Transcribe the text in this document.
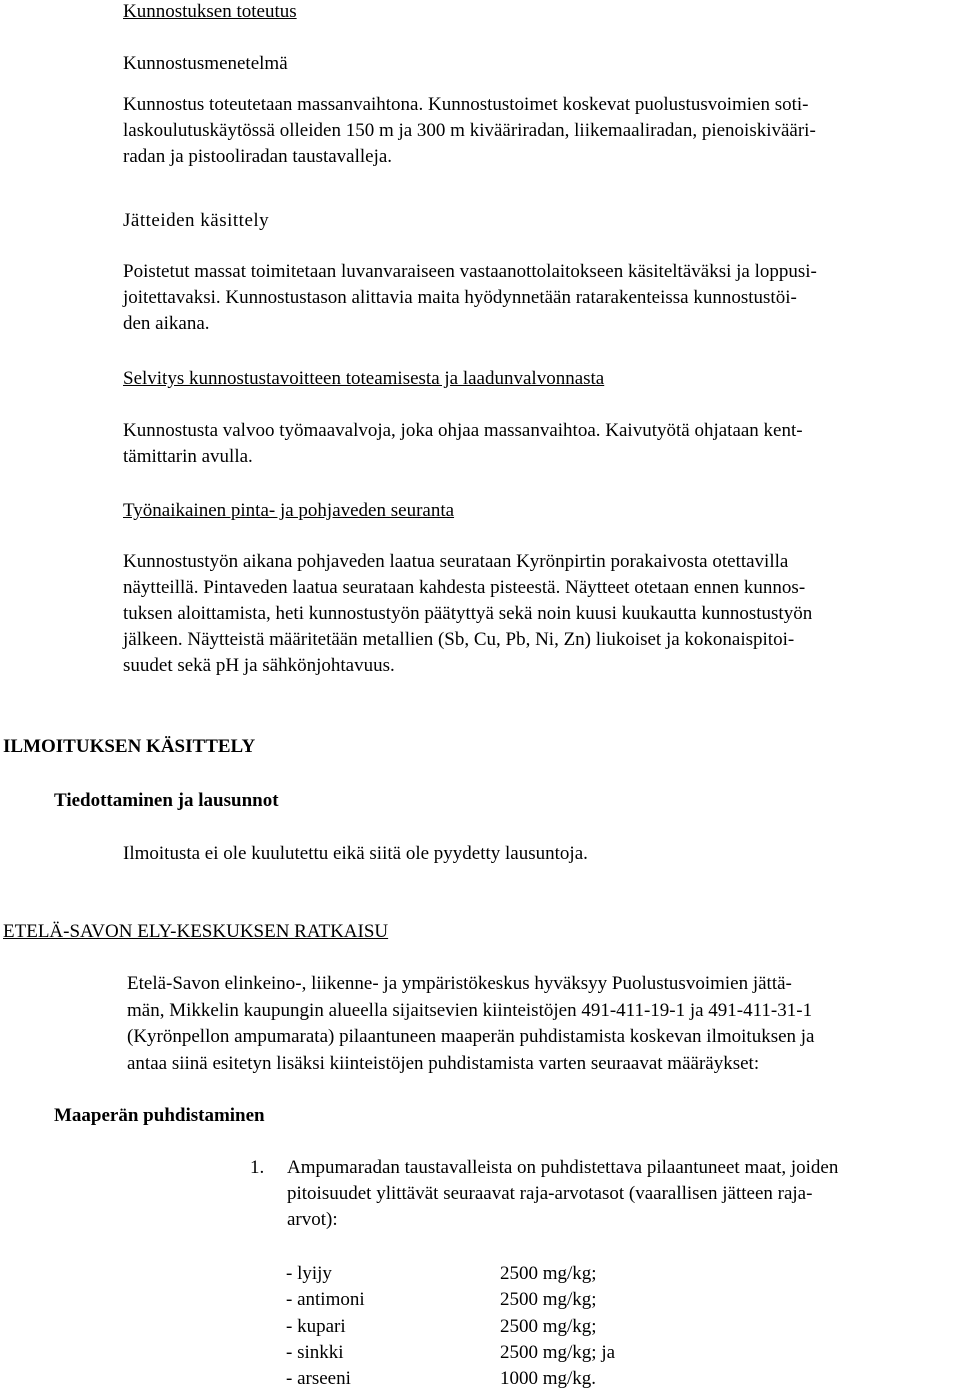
Kunnostuksen toteutus
Kunnostusmenetelmä
Kunnostus toteutetaan massanvaihtona. Kunnostustoimet koskevat puolustusvoimien soti-
laskoulutuskäytössä olleiden 150 m ja 300 m kivääriradan, liikemaaliradan, pienoiskivääri-
radan ja pistooliradan taustavalleja.
Jätteiden käsittely
Poistetut massat toimitetaan luvanvaraiseen vastaanottolaitokseen käsiteltäväksi ja loppusi-
joitettavaksi. Kunnostustason alittavia maita hyödynnetään ratarakenteissa kunnostustöi-
den aikana.
Selvitys kunnostustavoitteen toteamisesta ja laadunvalvonnasta
Kunnostusta valvoo työmaavalvoja, joka ohjaa massanvaihtoa. Kaivutyötä ohjataan kent-
tämittarin avulla.
Työnaikainen pinta- ja pohjaveden seuranta
Kunnostustyön aikana pohjaveden laatua seurataan Kyrönpirtin porakaivosta otettavilla
näytteillä. Pintaveden laatua seurataan kahdesta pisteestä. Näytteet otetaan ennen kunnos-
tuksen aloittamista, heti kunnostustyön päätyttyä sekä noin kuusi kuukautta kunnostustyön
jälkeen. Näytteistä määritetään metallien (Sb, Cu, Pb, Ni, Zn) liukoiset ja kokonaispitoi-
suudet sekä pH ja sähkönjohtavuus.
ILMOITUKSEN KÄSITTELY
Tiedottaminen ja lausunnot
Ilmoitusta ei ole kuulutettu eikä siitä ole pyydetty lausuntoja.
ETELÄ-SAVON ELY-KESKUKSEN RATKAISU
Etelä-Savon elinkeino-, liikenne- ja ympäristökeskus hyväksyy Puolustusvoimien jättä-
män, Mikkelin kaupungin alueella sijaitsevien kiinteistöjen 491-411-19-1 ja 491-411-31-1
(Kyrönpellon ampumarata) pilaantuneen maaperän puhdistamista koskevan ilmoituksen ja
antaa siinä esitetyn lisäksi kiinteistöjen puhdistamista varten seuraavat määräykset:
Maaperän puhdistaminen
1. Ampumaradan taustavalleista on puhdistettava pilaantuneet maat, joiden
pitoisuudet ylittävät seuraavat raja-arvotasot (vaarallisen jätteen raja-
arvot):
- lyijy	2500 mg/kg;
- antimoni	2500 mg/kg;
- kupari	2500 mg/kg;
- sinkki	2500 mg/kg; ja
- arseeni	1000 mg/kg.
